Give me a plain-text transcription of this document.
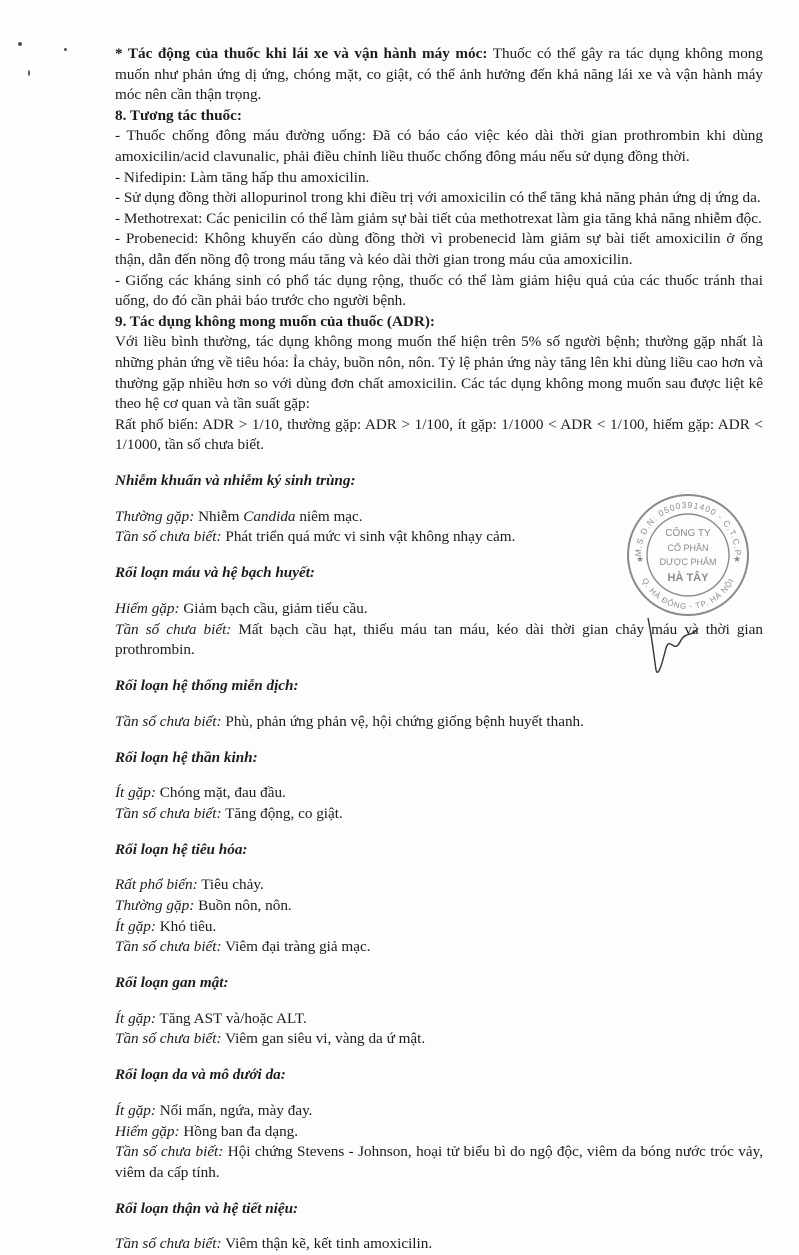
* Tác động của thuốc khi lái xe và vận hành máy móc: Thuốc có thể gây ra tác dụng không mong muốn như phản ứng dị ứng, chóng mặt, co giật, có thể ảnh hưởng đến khả năng lái xe và vận hành máy móc nên cần thận trọng.

8. Tương tác thuốc:

- Thuốc chống đông máu đường uống: Đã có báo cáo việc kéo dài thời gian prothrombin khi dùng amoxicilin/acid clavunalic, phải điều chỉnh liều thuốc chống đông máu nếu sử dụng đồng thời.

- Nifedipin: Làm tăng hấp thu amoxicilin.

- Sử dụng đồng thời allopurinol trong khi điều trị với amoxicilin có thể tăng khả năng phản ứng dị ứng da.

- Methotrexat: Các penicilin có thể làm giảm sự bài tiết của methotrexat làm gia tăng khả năng nhiễm độc.

- Probenecid: Không khuyến cáo dùng đồng thời vì probenecid làm giảm sự bài tiết amoxicilin ở ống thận, dẫn đến nồng độ trong máu tăng và kéo dài thời gian trong máu của amoxicilin.

- Giống các kháng sinh có phổ tác dụng rộng, thuốc có thể làm giảm hiệu quả của các thuốc tránh thai uống, do đó cần phải báo trước cho người bệnh.

9. Tác dụng không mong muốn của thuốc (ADR):

Với liều bình thường, tác dụng không mong muốn thể hiện trên 5% số người bệnh; thường gặp nhất là những phản ứng về tiêu hóa: Ỉa chảy, buồn nôn, nôn. Tỷ lệ phản ứng này tăng lên khi dùng liều cao hơn và thường gặp nhiều hơn so với dùng đơn chất amoxicilin. Các tác dụng không mong muốn sau được liệt kê theo hệ cơ quan và tần suất gặp:

Rất phổ biến: ADR > 1/10, thường gặp: ADR > 1/100, ít gặp: 1/1000 < ADR < 1/100, hiếm gặp: ADR < 1/1000, tần số chưa biết.

Nhiễm khuẩn và nhiễm ký sinh trùng:

Thường gặp: Nhiễm Candida niêm mạc.

Tần số chưa biết: Phát triển quá mức vi sinh vật không nhạy cảm.

Rối loạn máu và hệ bạch huyết:

Hiếm gặp: Giảm bạch cầu, giảm tiểu cầu.

Tần số chưa biết: Mất bạch cầu hạt, thiếu máu tan máu, kéo dài thời gian chảy máu và thời gian prothrombin.

Rối loạn hệ thống miễn dịch:

Tần số chưa biết: Phù, phản ứng phản vệ, hội chứng giống bệnh huyết thanh.

Rối loạn hệ thần kinh:

Ít gặp: Chóng mặt, đau đầu.

Tần số chưa biết: Tăng động, co giật.

Rối loạn hệ tiêu hóa:

Rất phổ biến: Tiêu chảy.

Thường gặp: Buồn nôn, nôn.

Ít gặp: Khó tiêu.

Tần số chưa biết: Viêm đại tràng giả mạc.

Rối loạn gan mật:

Ít gặp: Tăng AST và/hoặc ALT.

Tần số chưa biết: Viêm gan siêu vi, vàng da ứ mật.

Rối loạn da và mô dưới da:

Ít gặp: Nổi mẩn, ngứa, mày đay.

Hiếm gặp: Hồng ban đa dạng.

Tần số chưa biết: Hội chứng Stevens - Johnson, hoại tử biểu bì do ngộ độc, viêm da bóng nước tróc vảy, viêm da cấp tính.

Rối loạn thận và hệ tiết niệu:

Tần số chưa biết: Viêm thận kẽ, kết tinh amoxicilin.

M.S.D.N: 0500391400 - C.T.C.P
Q. HÀ ĐÔNG - TP. HÀ NỘI
CÔNG TY
CỔ PHẦN
DƯỢC PHẨM
HÀ TÂY
★	★
